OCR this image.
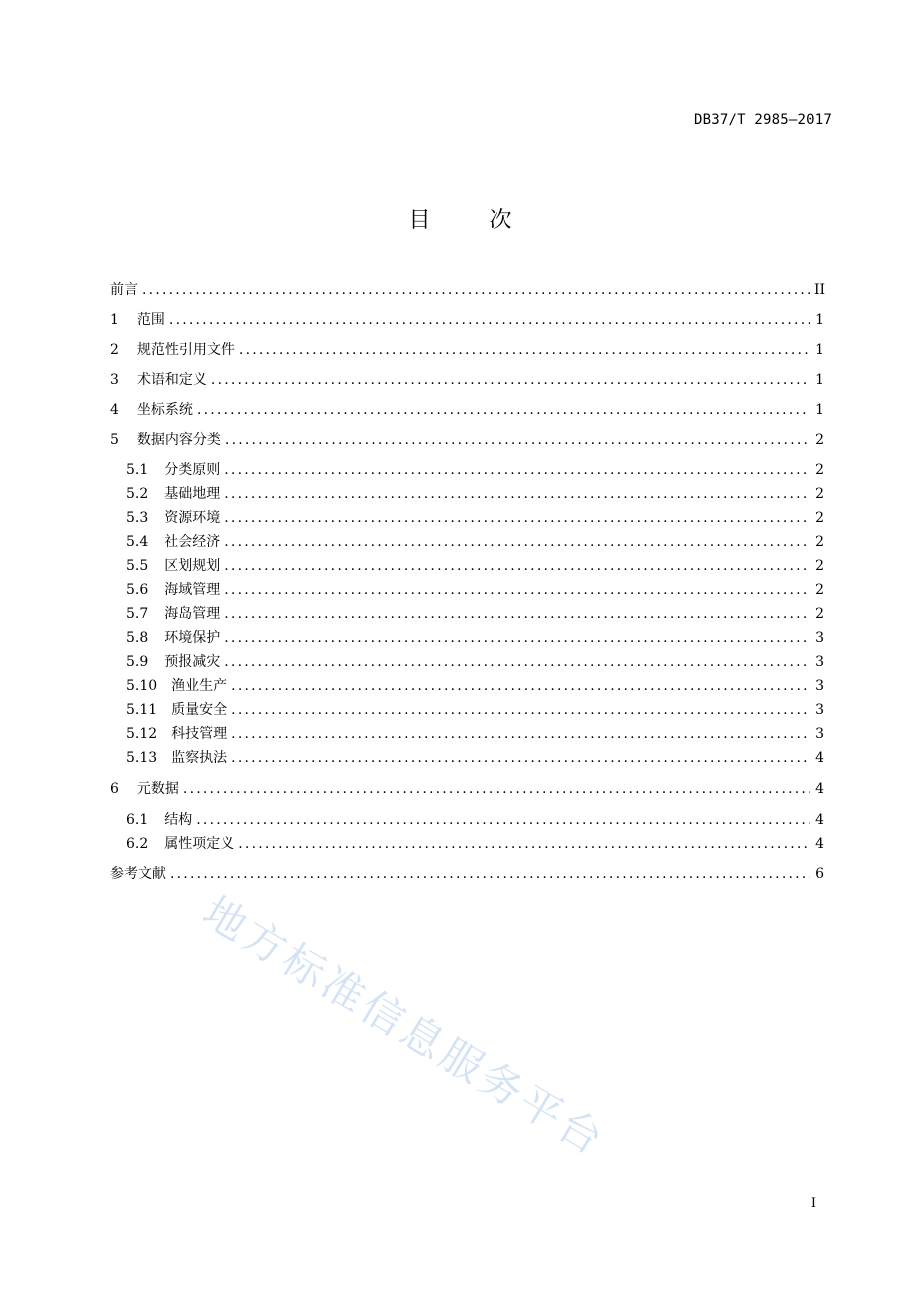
DB37/T 2985—2017
目 次
前言 .....	II
1 范围 .....	1
2 规范性引用文件 .....	1
3 术语和定义 .....	1
4 坐标系统 .....	1
5 数据内容分类 .....	2
5.1 分类原则 .....	2
5.2 基础地理 .....	2
5.3 资源环境 .....	2
5.4 社会经济 .....	2
5.5 区划规划 .....	2
5.6 海域管理 .....	2
5.7 海岛管理 .....	2
5.8 环境保护 .....	3
5.9 预报减灾 .....	3
5.10 渔业生产 .....	3
5.11 质量安全 .....	3
5.12 科技管理 .....	3
5.13 监察执法 .....	4
6 元数据 .....	4
6.1 结构 .....	4
6.2 属性项定义 .....	4
参考文献 .....	6
I
地方标准信息服务平台
